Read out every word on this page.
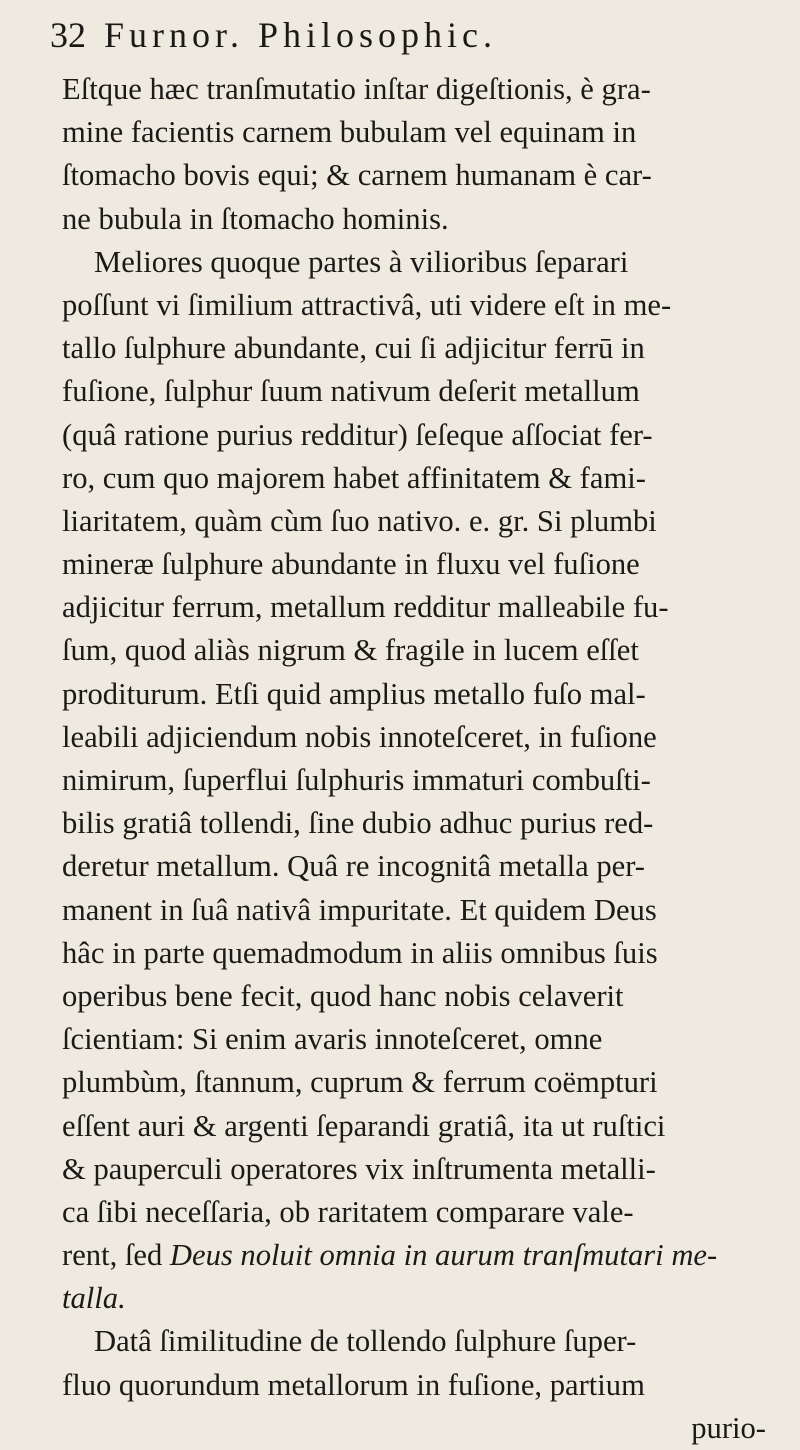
32 Furnor. Philosophic.
Eſtque hæc tranſmutatio inſtar digeſtionis, è gra-
mine facientis carnem bubulam vel equinam in
ſtomacho bovis equi; & carnem humanam è car-
ne bubula in ſtomacho hominis.
Meliores quoque partes à vilioribus ſeparari
poſſunt vi ſimilium attractivâ, uti videre eſt in me-
tallo ſulphure abundante, cui ſi adjicitur ferrū in
fuſione, ſulphur ſuum nativum deſerit metallum
(quâ ratione purius redditur) ſeſeque aſſociat fer-
ro, cum quo majorem habet affinitatem & fami-
liaritatem, quàm cùm ſuo nativo. e. gr. Si plumbi
mineræ ſulphure abundante in fluxu vel fuſione
adjicitur ferrum, metallum redditur malleabile fu-
ſum, quod aliàs nigrum & fragile in lucem eſſet
proditurum. Etſi quid amplius metallo fuſo mal-
leabili adjiciendum nobis innoteſceret, in fuſione
nimirum, ſuperflui ſulphuris immaturi combuſti-
bilis gratiâ tollendi, ſine dubio adhuc purius red-
deretur metallum. Quâ re incognitâ metalla per-
manent in ſuâ nativâ impuritate. Et quidem Deus
hâc in parte quemadmodum in aliis omnibus ſuis
operibus bene fecit, quod hanc nobis celaverit
ſcientiam: Si enim avaris innoteſceret, omne
plumbùm, ſtannum, cuprum & ferrum coëmpturi
eſſent auri & argenti ſeparandi gratiâ, ita ut ruſtici
& pauperculi operatores vix inſtrumenta metalli-
ca ſibi neceſſaria, ob raritatem comparare vale-
rent, ſed Deus noluit omnia in aurum tranſmutari me-
talla.
Datâ ſimilitudine de tollendo ſulphure ſuper-
fluo quorundum metallorum in fuſione, partium
purio-
